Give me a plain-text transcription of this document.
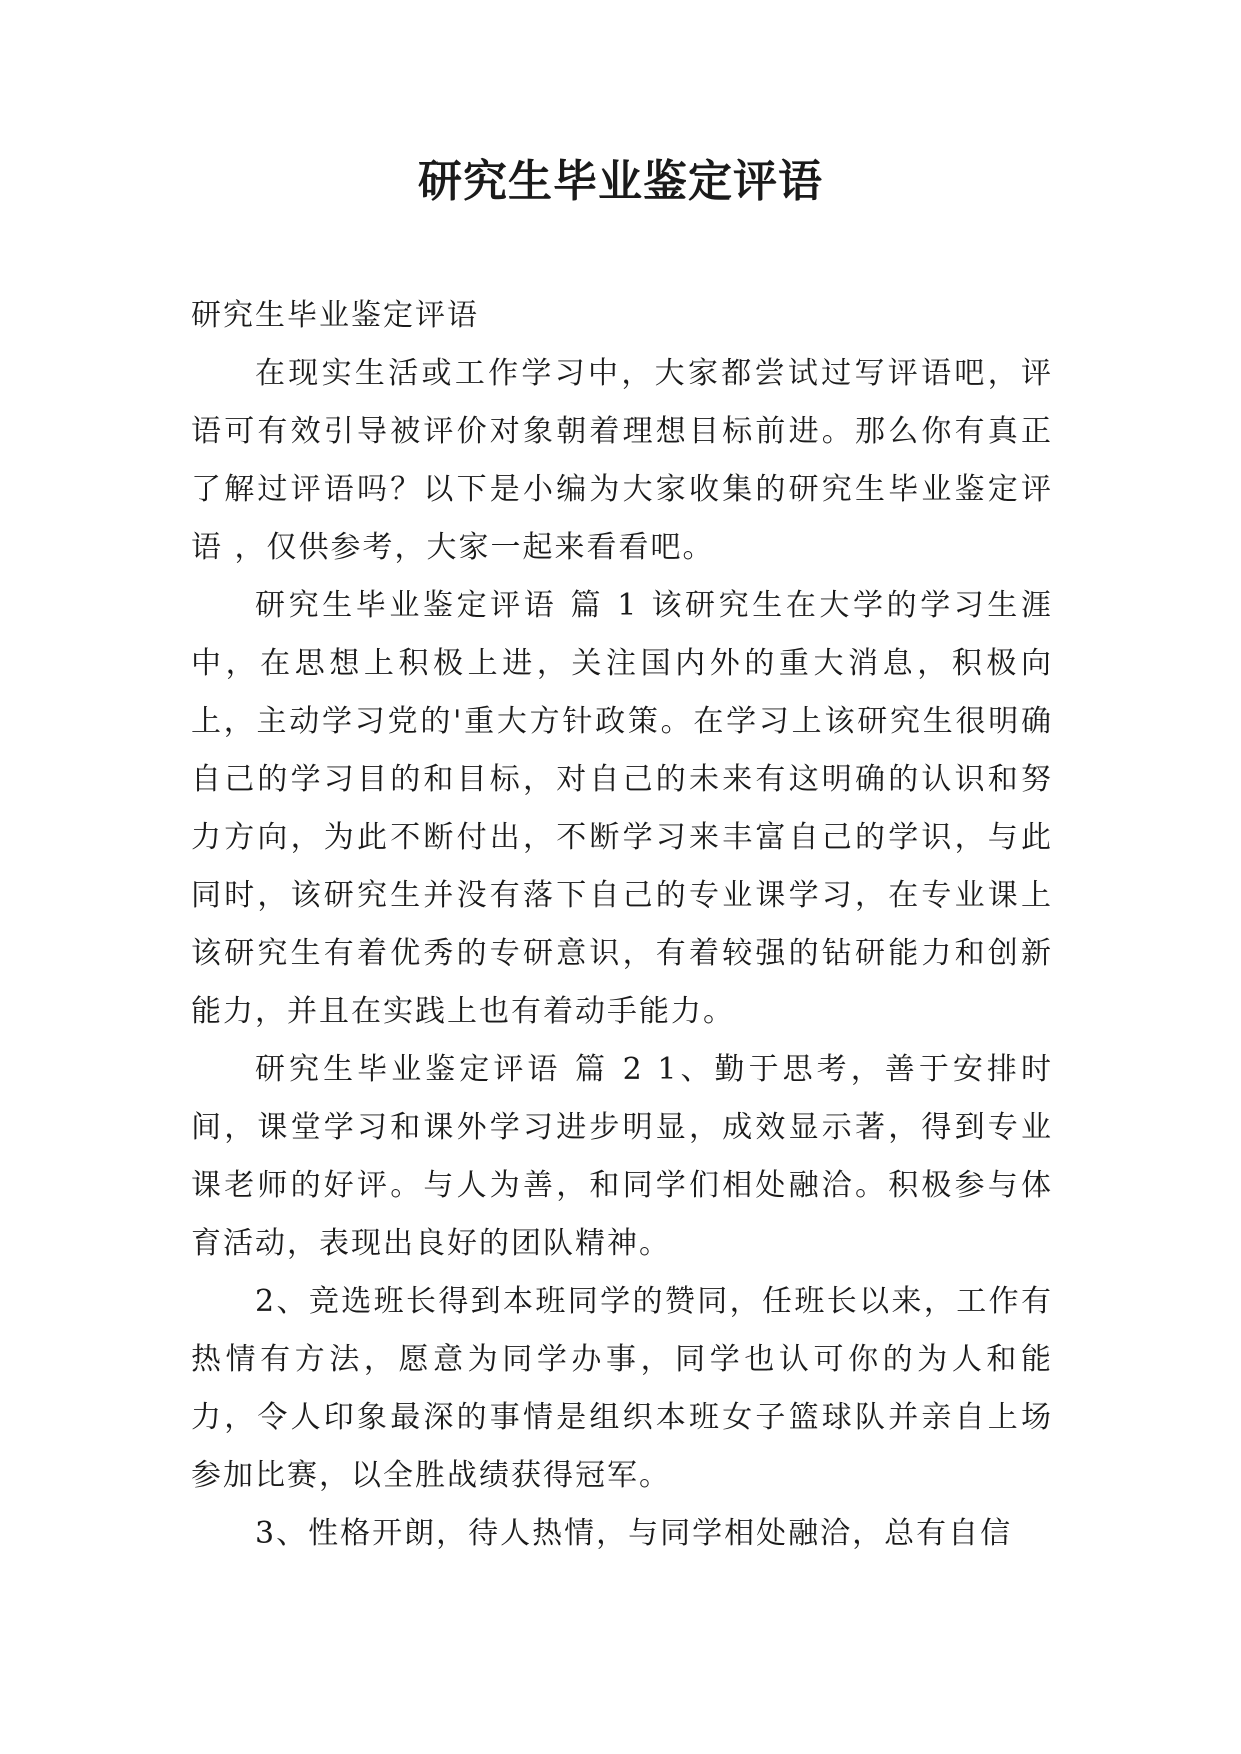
研究生毕业鉴定评语

研究生毕业鉴定评语

在现实生活或工作学习中，大家都尝试过写评语吧，评语可有效引导被评价对象朝着理想目标前进。那么你有真正了解过评语吗？以下是小编为大家收集的研究生毕业鉴定评语 ，仅供参考，大家一起来看看吧。

研究生毕业鉴定评语 篇 1 该研究生在大学的学习生涯中，在思想上积极上进，关注国内外的重大消息，积极向上，主动学习党的'重大方针政策。在学习上该研究生很明确自己的学习目的和目标，对自己的未来有这明确的认识和努力方向，为此不断付出，不断学习来丰富自己的学识，与此同时，该研究生并没有落下自己的专业课学习，在专业课上该研究生有着优秀的专研意识，有着较强的钻研能力和创新能力，并且在实践上也有着动手能力。

研究生毕业鉴定评语 篇 2 1、勤于思考，善于安排时间，课堂学习和课外学习进步明显，成效显示著，得到专业课老师的好评。与人为善，和同学们相处融洽。积极参与体育活动，表现出良好的团队精神。

2、竞选班长得到本班同学的赞同，任班长以来，工作有热情有方法，愿意为同学办事，同学也认可你的为人和能力，令人印象最深的事情是组织本班女子篮球队并亲自上场参加比赛，以全胜战绩获得冠军。

3、性格开朗，待人热情，与同学相处融洽，总有自信
